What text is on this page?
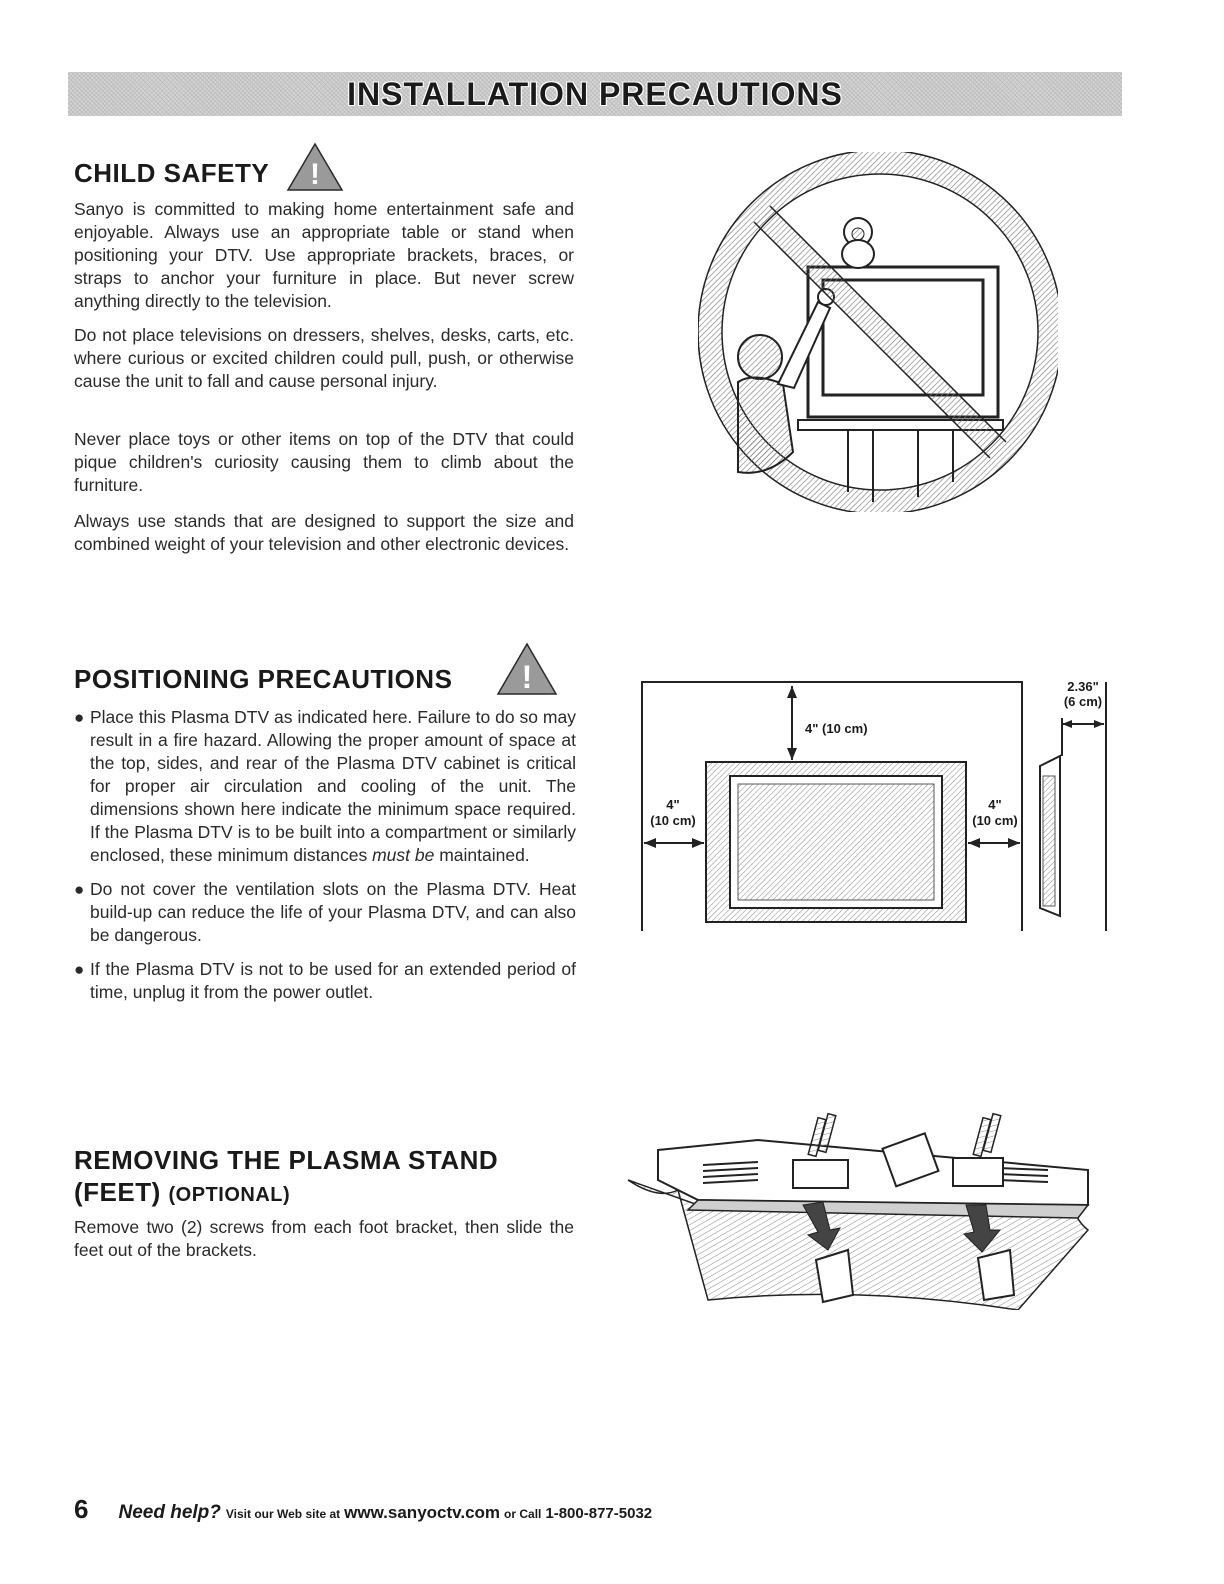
INSTALLATION PRECAUTIONS
CHILD SAFETY !

Sanyo is committed to making home entertainment safe and enjoyable. Always use an appropriate table or stand when positioning your DTV. Use appropriate brackets, braces, or straps to anchor your furniture in place. But never screw anything directly to the television.

Do not place televisions on dressers, shelves, desks, carts, etc. where curious or excited children could pull, push, or otherwise cause the unit to fall and cause personal injury.

Never place toys or other items on top of the DTV that could pique children's curiosity causing them to climb about the furniture.

Always use stands that are designed to support the size and combined weight of your television and other electronic devices.

POSITIONING PRECAUTIONS !
● Place this Plasma DTV as indicated here. Failure to do so may result in a fire hazard. Allowing the proper amount of space at the top, sides, and rear of the Plasma DTV cabinet is critical for proper air circulation and cooling of the unit. The dimensions shown here indicate the minimum space required. If the Plasma DTV is to be built into a compartment or similarly enclosed, these minimum distances must be maintained.
● Do not cover the ventilation slots on the Plasma DTV. Heat build-up can reduce the life of your Plasma DTV, and can also be dangerous.
● If the Plasma DTV is not to be used for an extended period of time, unplug it from the power outlet.
4" (10 cm)
4"
(10 cm)
4"
(10 cm)
2.36"
(6 cm)
REMOVING THE PLASMA STAND
(FEET) (OPTIONAL)

Remove two (2) screws from each foot bracket, then slide the feet out of the brackets.

6 Need help? Visit our Web site at www.sanyoctv.com or Call 1-800-877-5032
